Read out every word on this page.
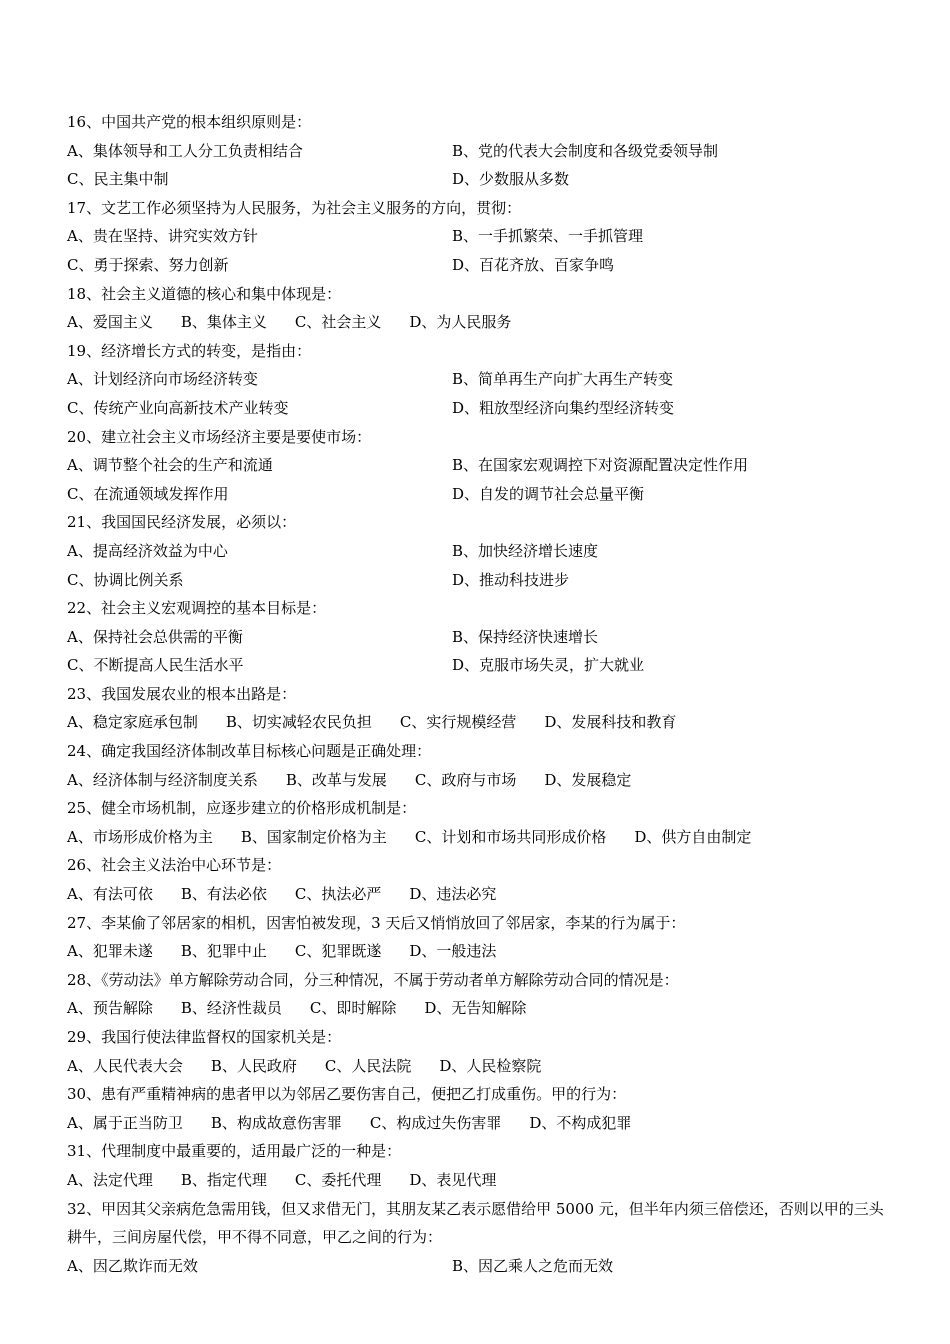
16、中国共产党的根本组织原则是：
A、集体领导和工人分工负责相结合	B、党的代表大会制度和各级党委领导制
C、民主集中制	D、少数服从多数
17、文艺工作必须坚持为人民服务，为社会主义服务的方向，贯彻：
A、贵在坚持、讲究实效方针	B、一手抓繁荣、一手抓管理
C、勇于探索、努力创新	D、百花齐放、百家争鸣
18、社会主义道德的核心和集中体现是：
A、爱国主义 B、集体主义 C、社会主义 D、为人民服务
19、经济增长方式的转变，是指由：
A、计划经济向市场经济转变	B、简单再生产向扩大再生产转变
C、传统产业向高新技术产业转变	D、粗放型经济向集约型经济转变
20、建立社会主义市场经济主要是要使市场：
A、调节整个社会的生产和流通	B、在国家宏观调控下对资源配置决定性作用
C、在流通领域发挥作用	D、自发的调节社会总量平衡
21、我国国民经济发展，必须以：
A、提高经济效益为中心	B、加快经济增长速度
C、协调比例关系	D、推动科技进步
22、社会主义宏观调控的基本目标是：
A、保持社会总供需的平衡	B、保持经济快速增长
C、不断提高人民生活水平	D、克服市场失灵，扩大就业
23、我国发展农业的根本出路是：
A、稳定家庭承包制 B、切实减轻农民负担 C、实行规模经营 D、发展科技和教育
24、确定我国经济体制改革目标核心问题是正确处理：
A、经济体制与经济制度关系 B、改革与发展 C、政府与市场 D、发展稳定
25、健全市场机制，应逐步建立的价格形成机制是：
A、市场形成价格为主 B、国家制定价格为主 C、计划和市场共同形成价格 D、供方自由制定
26、社会主义法治中心环节是：
A、有法可依 B、有法必依 C、执法必严 D、违法必究
27、李某偷了邻居家的相机，因害怕被发现，3 天后又悄悄放回了邻居家，李某的行为属于：
A、犯罪未遂 B、犯罪中止 C、犯罪既遂 D、一般违法
28、《劳动法》单方解除劳动合同，分三种情况，不属于劳动者单方解除劳动合同的情况是：
A、预告解除 B、经济性裁员 C、即时解除 D、无告知解除
29、我国行使法律监督权的国家机关是：
A、人民代表大会 B、人民政府 C、人民法院 D、人民检察院
30、患有严重精神病的患者甲以为邻居乙要伤害自己，便把乙打成重伤。甲的行为：
A、属于正当防卫 B、构成故意伤害罪 C、构成过失伤害罪 D、不构成犯罪
31、代理制度中最重要的，适用最广泛的一种是：
A、法定代理 B、指定代理 C、委托代理 D、表见代理
32、甲因其父亲病危急需用钱，但又求借无门，其朋友某乙表示愿借给甲 5000 元，但半年内须三倍偿还，否则以甲的三头耕牛，三间房屋代偿，甲不得不同意，甲乙之间的行为：
A、因乙欺诈而无效	B、因乙乘人之危而无效
